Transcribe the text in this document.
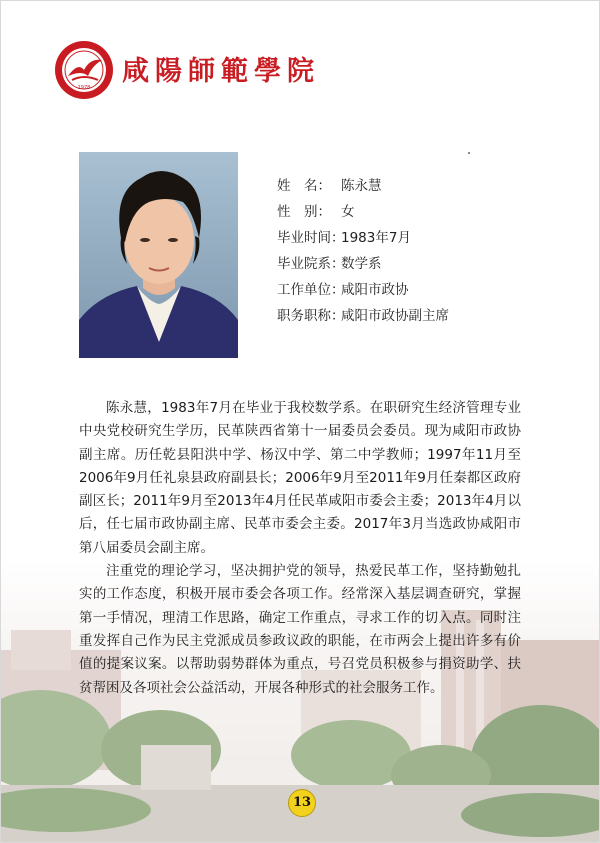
1978
咸陽師範學院
姓　名： 陈永慧
性　别： 女
毕业时间：
1983年7月
毕业院系：
数学系
工作单位：
咸阳市政协
职务职称：
咸阳市政协副主席

陈永慧，1983年7月在毕业于我校数学系。在职研究生经济管理专业中央党校研究生学历，民革陕西省第十一届委员会委员。现为咸阳市政协副主席。历任乾县阳洪中学、杨汉中学、第二中学教师；1997年11月至2006年9月任礼泉县政府副县长；2006年9月至2011年9月任秦都区政府副区长；2011年9月至2013年4月任民革咸阳市委会主委；2013年4月以后，任七届市政协副主席、民革市委会主委。2017年3月当选政协咸阳市第八届委员会副主席。

注重党的理论学习，坚决拥护党的领导，热爱民革工作，坚持勤勉扎实的工作态度，积极开展市委会各项工作。经常深入基层调查研究，掌握第一手情况，理清工作思路，确定工作重点，寻求工作的切入点。同时注重发挥自己作为民主党派成员参政议政的职能，在市两会上提出许多有价值的提案议案。以帮助弱势群体为重点，号召党员积极参与捐资助学、扶贫帮困及各项社会公益活动，开展各种形式的社会服务工作。

13
